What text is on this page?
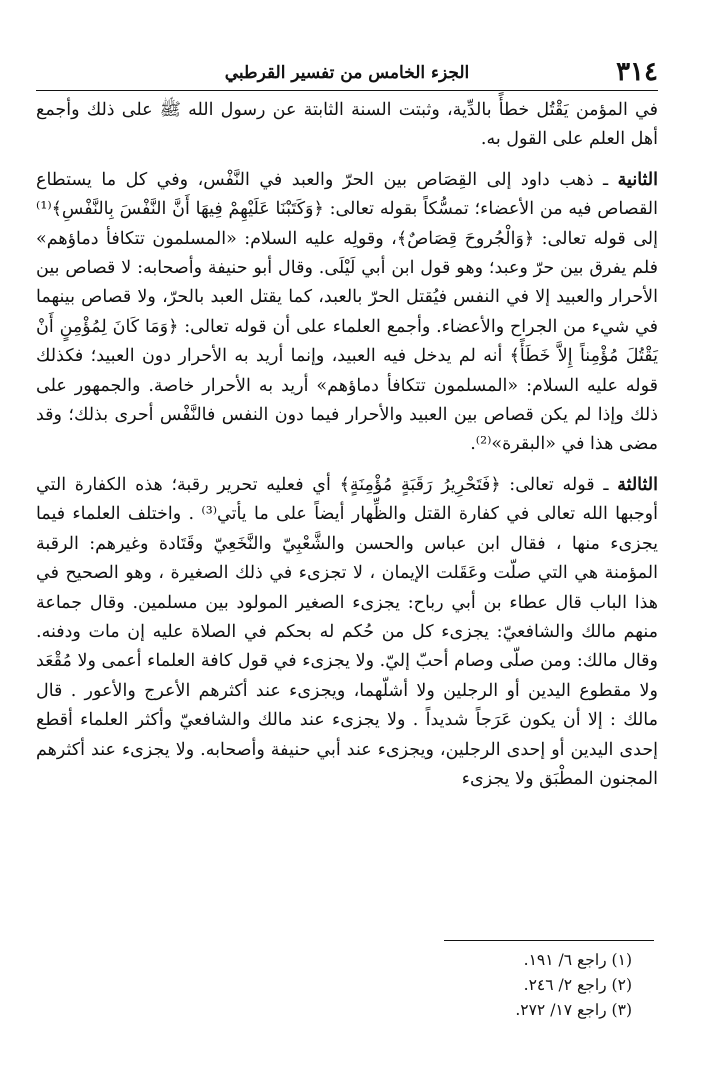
٣١٤
الجزء الخامس من تفسير القرطبي

في المؤمن يَقْتُل خطأً بالدِّية، وثبتت السنة الثابتة عن رسول الله ﷺ على ذلك وأجمع أهل العلم على القول به.

الثانية ـ ذهب داود إلى القِصَاص بين الحرّ والعبد في النَّفْس، وفي كل ما يستطاع القصاص فيه من الأعضاء؛ تمسُّكاً بقوله تعالى: ﴿وَكَتَبْنَا عَلَيْهِمْ فِيهَا أَنَّ النَّفْسَ بِالنَّفْسِ﴾⁽¹⁾ إلى قوله تعالى: ﴿وَالْجُروحَ قِصَاصٌ﴾، وقولِه عليه السلام: «المسلمون تتكافأ دماؤهم» فلم يفرق بين حرّ وعبد؛ وهو قول ابن أبي لَيْلَى. وقال أبو حنيفة وأصحابه: لا قصاص بين الأحرار والعبيد إلا في النفس فيُقتل الحرّ بالعبد، كما يقتل العبد بالحرّ، ولا قصاص بينهما في شيء من الجراح والأعضاء. وأجمع العلماء على أن قوله تعالى: ﴿وَمَا كَانَ لِمُؤْمِنٍ أَنْ يَقْتُلَ مُؤْمِناً إِلاَّ خَطَأً﴾ أنه لم يدخل فيه العبيد، وإنما أريد به الأحرار دون العبيد؛ فكذلك قوله عليه السلام: «المسلمون تتكافأ دماؤهم» أريد به الأحرار خاصة. والجمهور على ذلك وإذا لم يكن قصاص بين العبيد والأحرار فيما دون النفس فالنَّفْس أحرى بذلك؛ وقد مضى هذا في «البقرة»⁽²⁾.

الثالثة ـ قوله تعالى: ﴿فَتَحْرِيرُ رَقَبَةٍ مُؤْمِنَةٍ﴾ أي فعليه تحرير رقبة؛ هذه الكفارة التي أوجبها الله تعالى في كفارة القتل والظِّهار أيضاً على ما يأتي⁽³⁾ . واختلف العلماء فيما يجزىء منها ، فقال ابن عباس والحسن والشَّعْبِيّ والنَّخَعِيّ وقَتَادة وغيرهم: الرقبة المؤمنة هي التي صلّت وعَقَلت الإيمان ، لا تجزىء في ذلك الصغيرة ، وهو الصحيح في هذا الباب قال عطاء بن أبي رباح: يجزىء الصغير المولود بين مسلمين. وقال جماعة منهم مالك والشافعيّ: يجزىء كل من حُكم له بحكم في الصلاة عليه إن مات ودفنه. وقال مالك: ومن صلّى وصام أحبّ إليّ. ولا يجزىء في قول كافة العلماء أعمى ولا مُقْعَد ولا مقطوع اليدين أو الرجلين ولا أشلّهما، ويجزىء عند أكثرهم الأعرج والأعور . قال مالك : إلا أن يكون عَرَجاً شديداً . ولا يجزىء عند مالك والشافعيّ وأكثر العلماء أقطع إحدى اليدين أو إحدى الرجلين، ويجزىء عند أبي حنيفة وأصحابه. ولا يجزىء عند أكثرهم المجنون المطْبَق ولا يجزىء

(١) راجع ٦/ ١٩١.
(٢) راجع ٢/ ٢٤٦.
(٣) راجع ١٧/ ٢٧٢.
